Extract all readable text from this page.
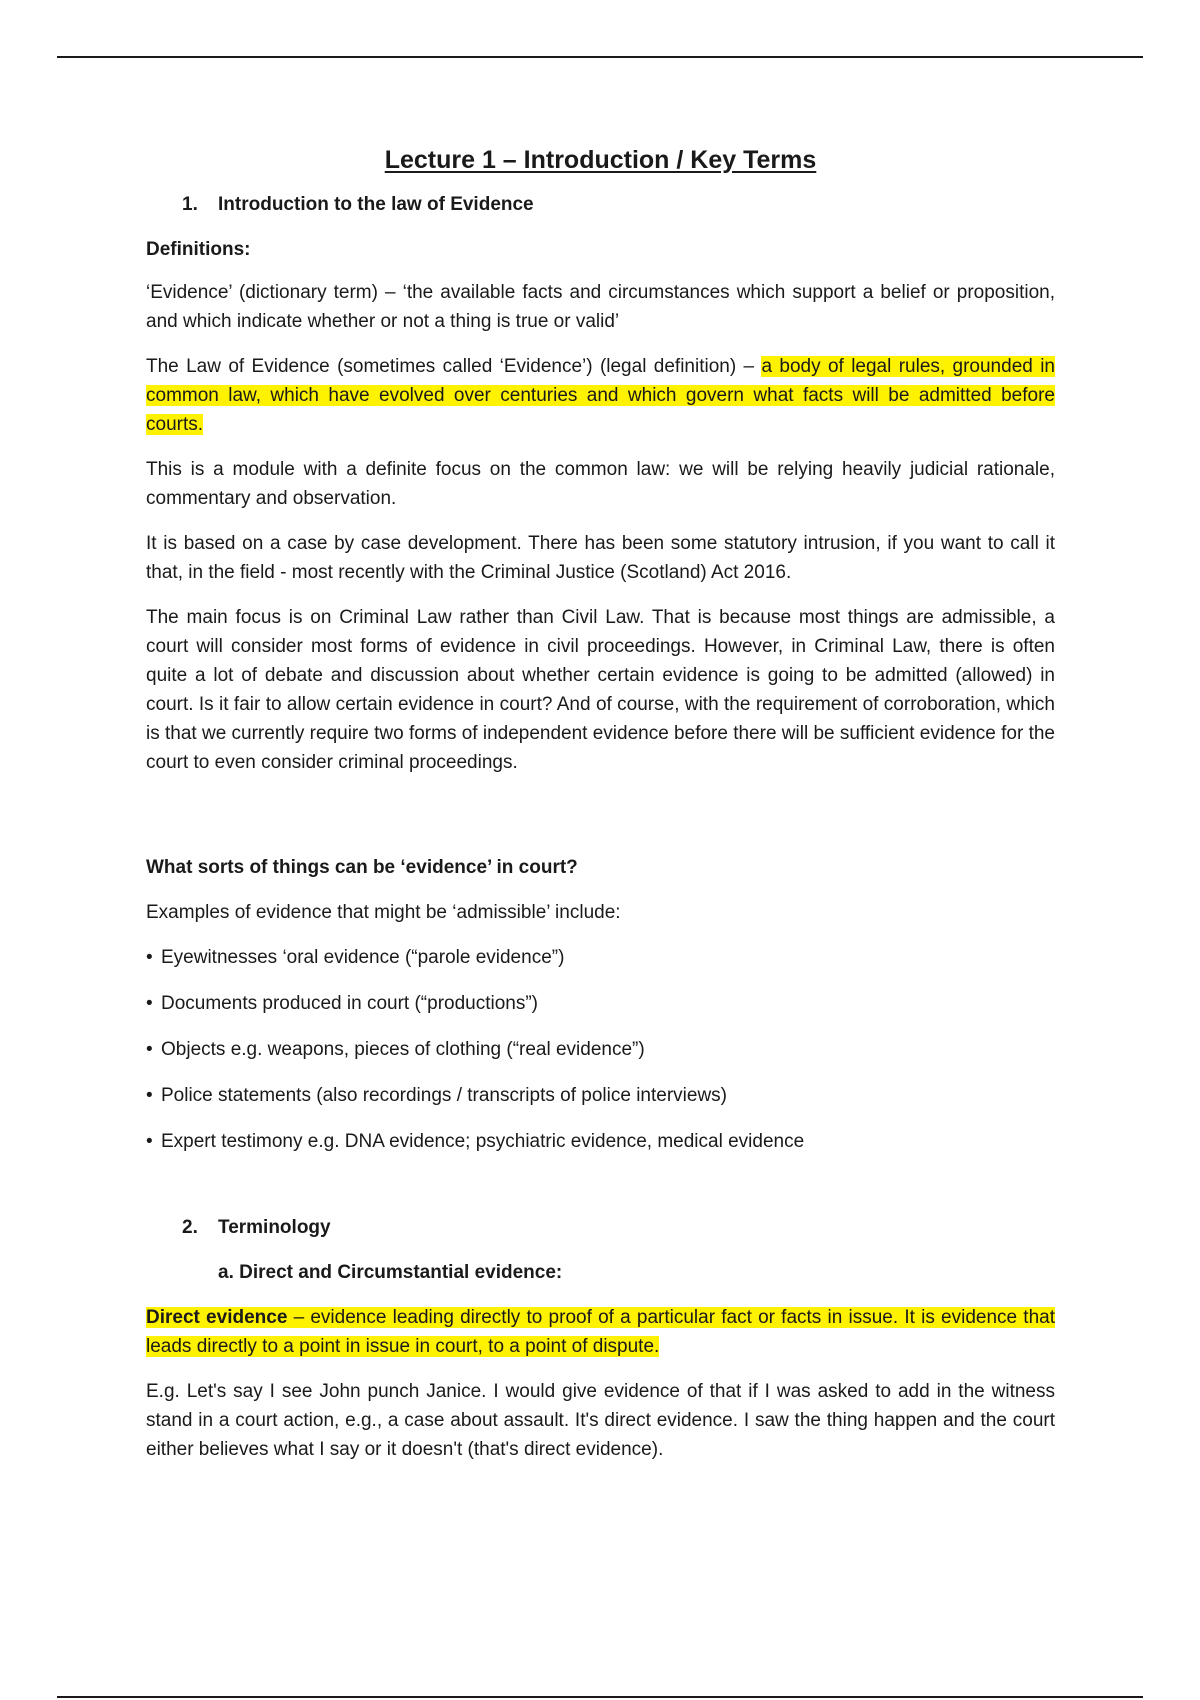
Lecture 1 – Introduction / Key Terms
1. Introduction to the law of Evidence
Definitions:

‘Evidence’ (dictionary term) – ‘the available facts and circumstances which support a belief or proposition, and which indicate whether or not a thing is true or valid’

The Law of Evidence (sometimes called ‘Evidence’) (legal definition) – a body of legal rules, grounded in common law, which have evolved over centuries and which govern what facts will be admitted before courts.

This is a module with a definite focus on the common law: we will be relying heavily judicial rationale, commentary and observation.

It is based on a case by case development. There has been some statutory intrusion, if you want to call it that, in the field - most recently with the Criminal Justice (Scotland) Act 2016.

The main focus is on Criminal Law rather than Civil Law. That is because most things are admissible, a court will consider most forms of evidence in civil proceedings. However, in Criminal Law, there is often quite a lot of debate and discussion about whether certain evidence is going to be admitted (allowed) in court. Is it fair to allow certain evidence in court? And of course, with the requirement of corroboration, which is that we currently require two forms of independent evidence before there will be sufficient evidence for the court to even consider criminal proceedings.

What sorts of things can be ‘evidence’ in court?

Examples of evidence that might be ‘admissible’ include:

• Eyewitnesses ‘oral evidence (“parole evidence”)
• Documents produced in court (“productions”)
• Objects e.g. weapons, pieces of clothing (“real evidence”)
• Police statements (also recordings / transcripts of police interviews)
• Expert testimony e.g. DNA evidence; psychiatric evidence, medical evidence
2. Terminology
a. Direct and Circumstantial evidence:

Direct evidence – evidence leading directly to proof of a particular fact or facts in issue. It is evidence that leads directly to a point in issue in court, to a point of dispute.

E.g. Let's say I see John punch Janice. I would give evidence of that if I was asked to add in the witness stand in a court action, e.g., a case about assault. It's direct evidence. I saw the thing happen and the court either believes what I say or it doesn't (that's direct evidence).
